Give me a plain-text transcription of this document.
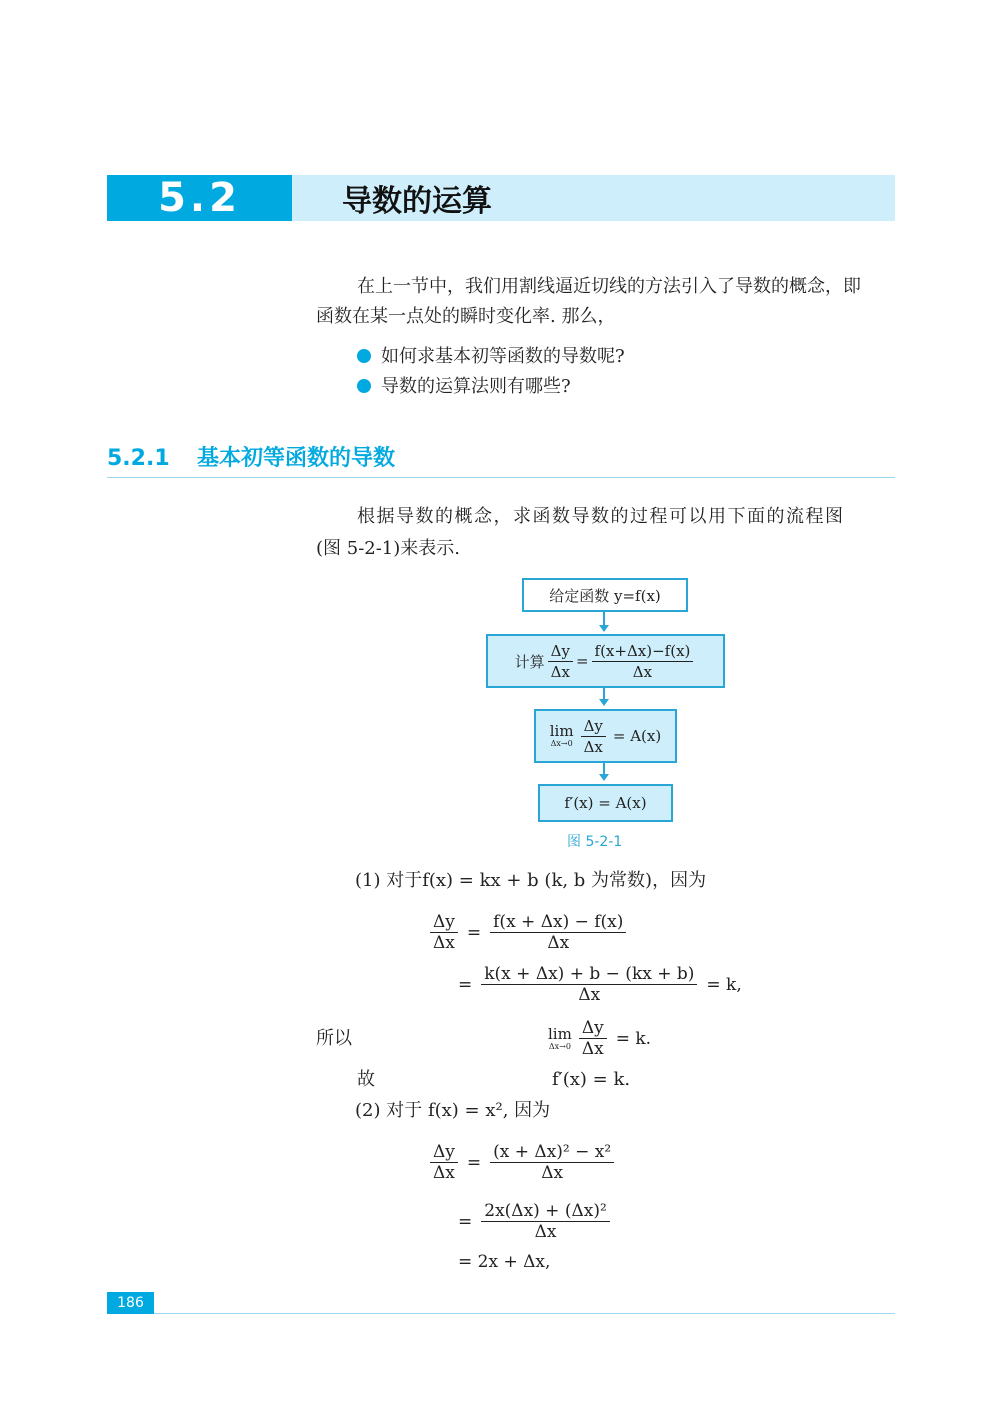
5.2	导数的运算
在上一节中，我们用割线逼近切线的方法引入了导数的概念，即
函数在某一点处的瞬时变化率. 那么，
如何求基本初等函数的导数呢?
导数的运算法则有哪些?
5.2.1 基本初等函数的导数
根据导数的概念，求函数导数的过程可以用下面的流程图
(图 5-2-1)来表示.
给定函数 y=f(x)
计算 $\frac{\Delta y}{\Delta x} = \frac{f(x+\Delta x)-f(x)}{\Delta x}$
lim
$\Delta x\to 0 \frac{\Delta y}{\Delta x} = A(x)$
f′(x) = A(x)
图 5-2-1
(1) 对于f(x) = kx + b (k, b 为常数)，因为
$\frac{\Delta y}{\Delta x} = \frac{f(x + \Delta x) - f(x)}{\Delta x}$
= $\frac{k(x + \Delta x) + b - (kx + b)}{\Delta x} = k$,
所以	lim
$\Delta x\to 0 \frac{\Delta y}{\Delta x} = k$.
故	f′(x) = k.
(2) 对于 f(x) = x², 因为
$\frac{\Delta y}{\Delta x} = \frac{\text{(x + Δx)² − x²}}{\Delta x}$
= $\frac{\text{2x(Δx) + (Δx)²}}{\Delta x}$
= 2x + Δx,
186
